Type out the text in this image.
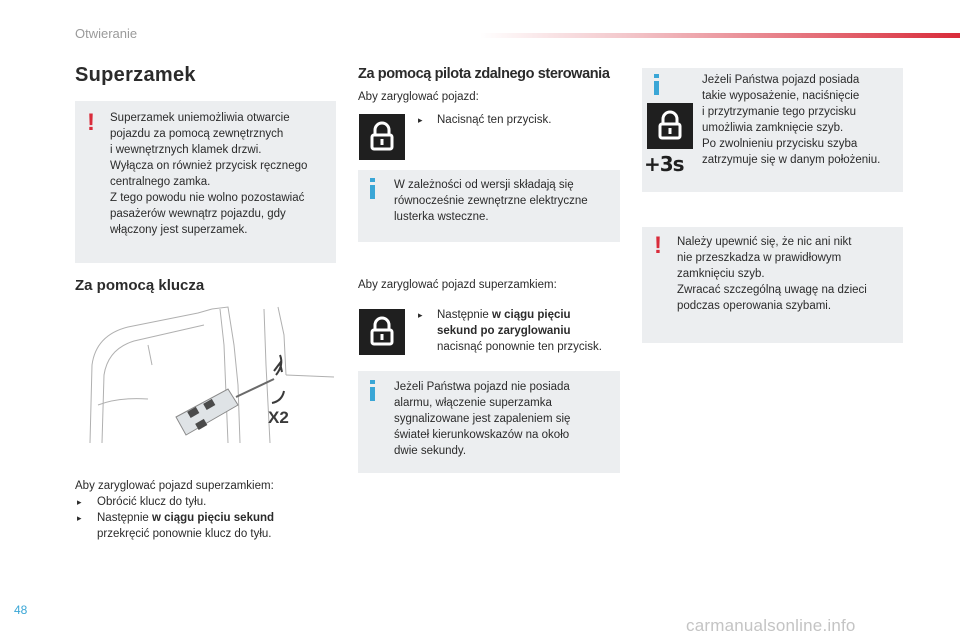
Otwieranie
Superzamek
! Superzamek uniemożliwia otwarcie
pojazdu za pomocą zewnętrznych
i wewnętrznych klamek drzwi.
Wyłącza on również przycisk ręcznego
centralnego zamka.
Z tego powodu nie wolno pozostawiać
pasażerów wewnątrz pojazdu, gdy
włączony jest superzamek.
Za pomocą klucza
X2
Aby zaryglować pojazd superzamkiem:
▸ Obrócić klucz do tyłu.
▸ Następnie w ciągu pięciu sekund
przekręcić ponownie klucz do tyłu.
Za pomocą pilota zdalnego sterowania
Aby zaryglować pojazd:
▸ Nacisnąć ten przycisk.
W zależności od wersji składają się
równocześnie zewnętrzne elektryczne
lusterka wsteczne.
Aby zaryglować pojazd superzamkiem:
▸ Następnie w ciągu pięciu
sekund po zaryglowaniu
nacisnąć ponownie ten przycisk.
Jeżeli Państwa pojazd nie posiada
alarmu, włączenie superzamka
sygnalizowane jest zapaleniem się
świateł kierunkowskazów na około
dwie sekundy.
+3s
Jeżeli Państwa pojazd posiada
takie wyposażenie, naciśnięcie
i przytrzymanie tego przycisku
umożliwia zamknięcie szyb.
Po zwolnieniu przycisku szyba
zatrzymuje się w danym położeniu.
! Należy upewnić się, że nic ani nikt
nie przeszkadza w prawidłowym
zamknięciu szyb.
Zwracać szczególną uwagę na dzieci
podczas operowania szybami.
48
carmanualsonline.info
